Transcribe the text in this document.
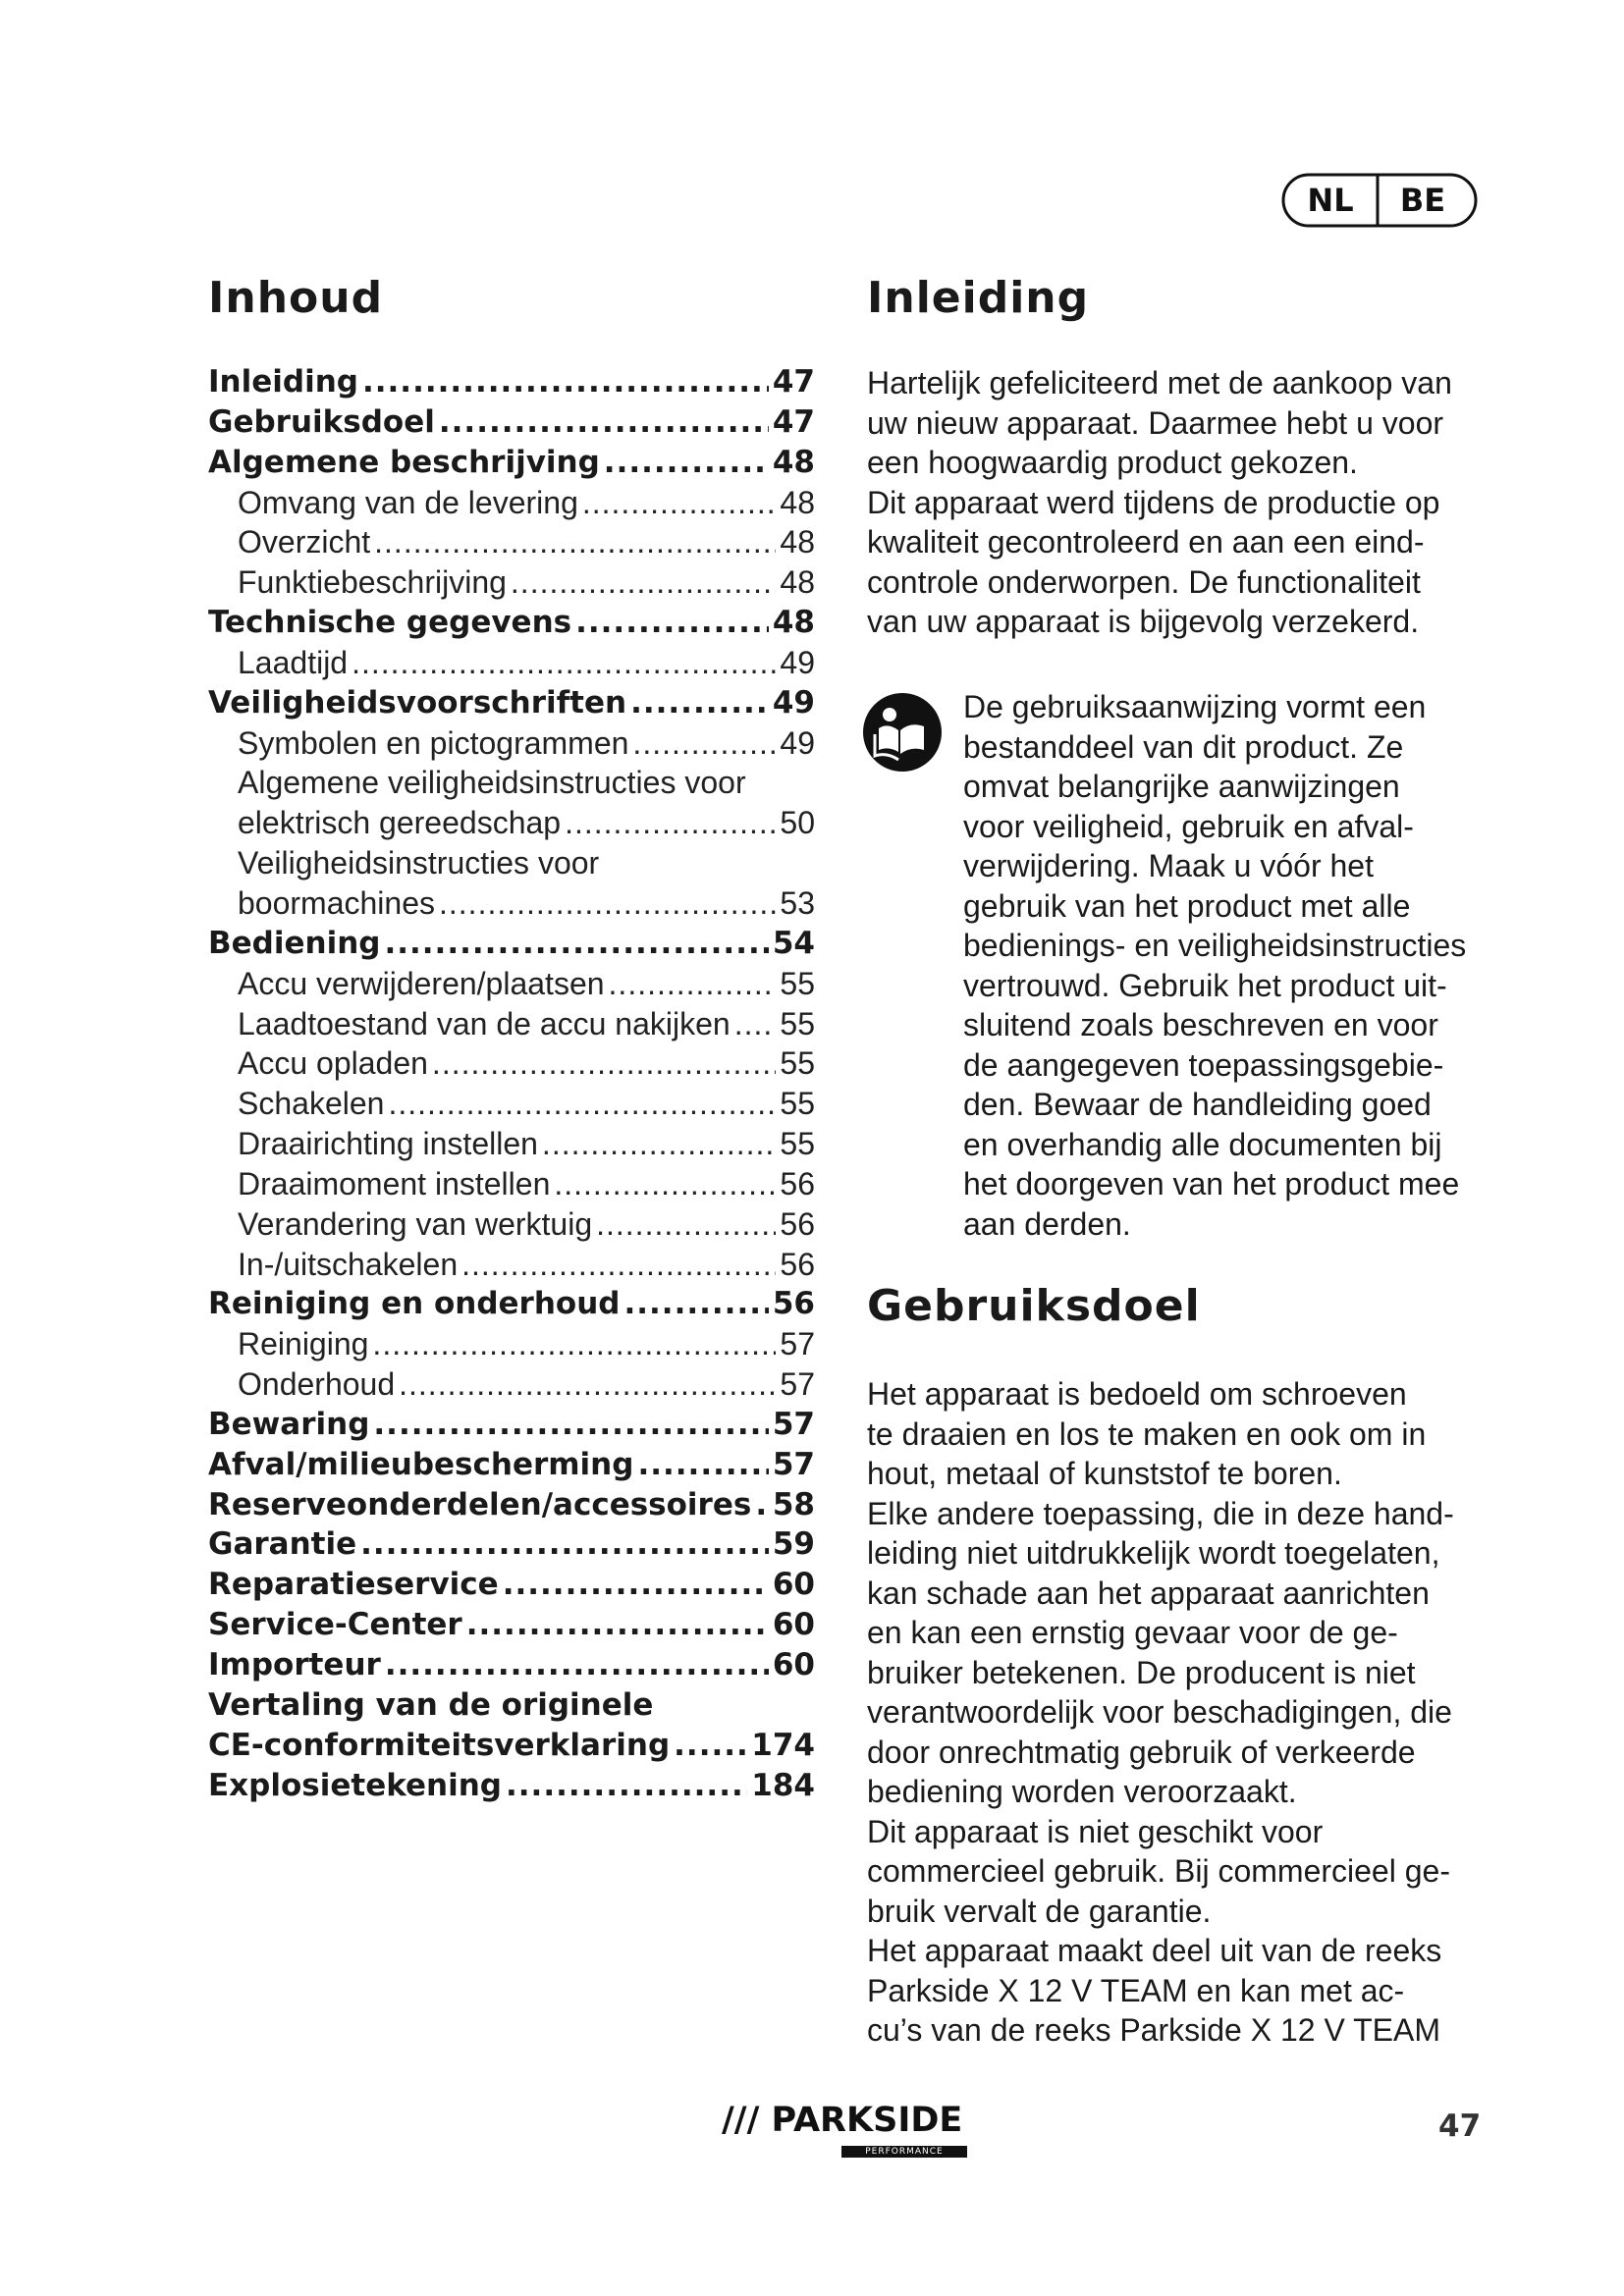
NL BE
Inhoud
Inleiding .....	47
Gebruiksdoel .....	47
Algemene beschrijving .....	48
Omvang van de levering .....	48
Overzicht .....	48
Funktiebeschrijving .....	48
Technische gegevens .....	48
Laadtijd .....	49
Veiligheidsvoorschriften .....	49
Symbolen en pictogrammen .....	49
Algemene veiligheidsinstructies voor
elektrisch gereedschap .....	50
Veiligheidsinstructies voor
boormachines .....	53
Bediening .....	54
Accu verwijderen/plaatsen .....	55
Laadtoestand van de accu nakijken ..... 55
Accu opladen .....	55
Schakelen .....	55
Draairichting instellen .....	55
Draaimoment instellen .....	56
Verandering van werktuig .....	56
In-/uitschakelen .....	56
Reiniging en onderhoud .....	56
Reiniging .....	57
Onderhoud .....	57
Bewaring .....	57
Afval/milieubescherming .....	57
Reserveonderdelen/accessoires ..... 58
Garantie .....	59
Reparatieservice .....	60
Service-Center .....	60
Importeur .....	60
Vertaling van de originele
CE-conformiteitsverklaring .....	174
Explosietekening .....	184
Inleiding

Hartelijk gefeliciteerd met de aankoop van

uw nieuw apparaat. Daarmee hebt u voor

een hoogwaardig product gekozen.

Dit apparaat werd tijdens de productie op

kwaliteit gecontroleerd en aan een eind-

controle onderworpen. De functionaliteit

van uw apparaat is bijgevolg verzekerd.

De gebruiksaanwijzing vormt een

bestanddeel van dit product. Ze

omvat belangrijke aanwijzingen

voor veiligheid, gebruik en afval-

verwijdering. Maak u vóór het

gebruik van het product met alle

bedienings- en veiligheidsinstructies

vertrouwd. Gebruik het product uit-

sluitend zoals beschreven en voor

de aangegeven toepassingsgebie-

den. Bewaar de handleiding goed

en overhandig alle documenten bij

het doorgeven van het product mee

aan derden.

Gebruiksdoel

Het apparaat is bedoeld om schroeven

te draaien en los te maken en ook om in

hout, metaal of kunststof te boren.

Elke andere toepassing, die in deze hand-

leiding niet uitdrukkelijk wordt toegelaten,

kan schade aan het apparaat aanrichten

en kan een ernstig gevaar voor de ge-

bruiker betekenen. De producent is niet

verantwoordelijk voor beschadigingen, die

door onrechtmatig gebruik of verkeerde

bediening worden veroorzaakt.

Dit apparaat is niet geschikt voor

commercieel gebruik. Bij commercieel ge-

bruik vervalt de garantie.

Het apparaat maakt deel uit van de reeks

Parkside X 12 V TEAM en kan met ac-

cu’s van de reeks Parkside X 12 V TEAM

/// PARKSIDE
PERFORMANCE
47
